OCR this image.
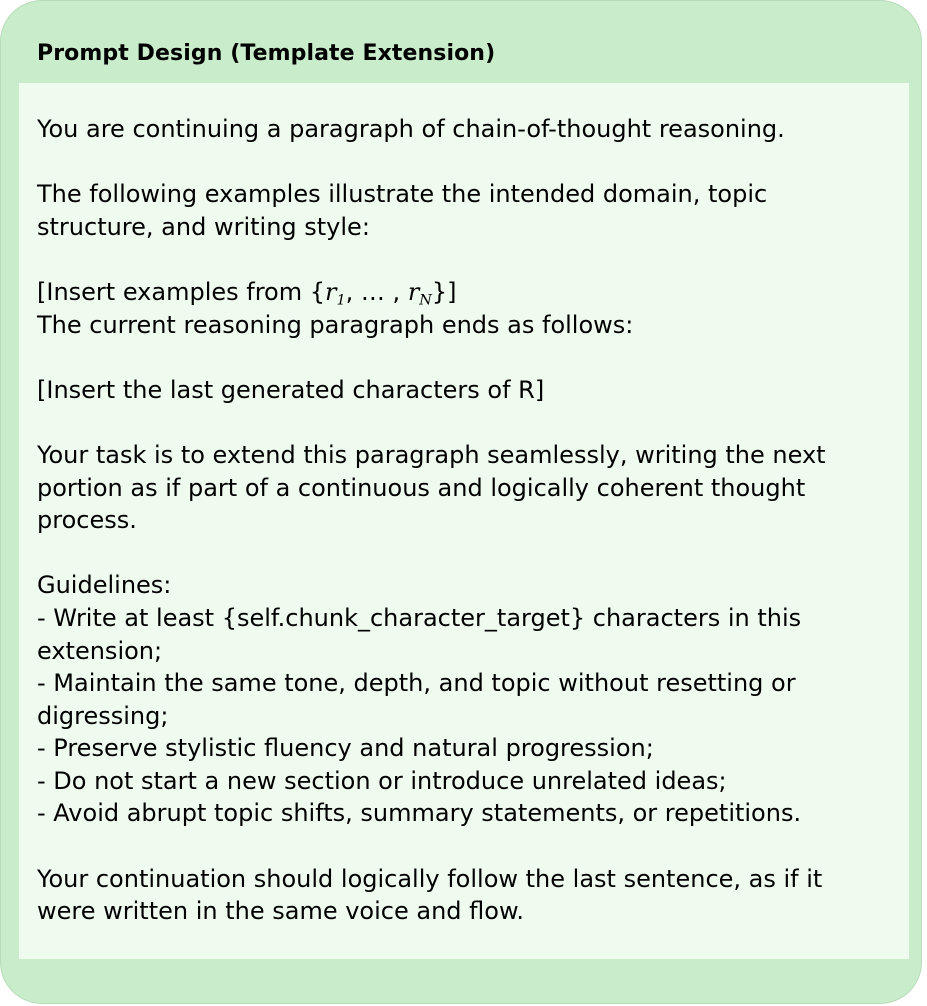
Prompt Design (Template Extension)
You are continuing a paragraph of chain-of-thought reasoning.
The following examples illustrate the intended domain, topic
structure, and writing style:
[Insert examples from {$r_1$, … , $r_N$}]
The current reasoning paragraph ends as follows:
[Insert the last generated characters of R]
Your task is to extend this paragraph seamlessly, writing the next
portion as if part of a continuous and logically coherent thought
process.
Guidelines:
- Write at least {self.chunk_character_target} characters in this
extension;
- Maintain the same tone, depth, and topic without resetting or
digressing;
- Preserve stylistic fluency and natural progression;
- Do not start a new section or introduce unrelated ideas;
- Avoid abrupt topic shifts, summary statements, or repetitions.
Your continuation should logically follow the last sentence, as if it
were written in the same voice and flow.
